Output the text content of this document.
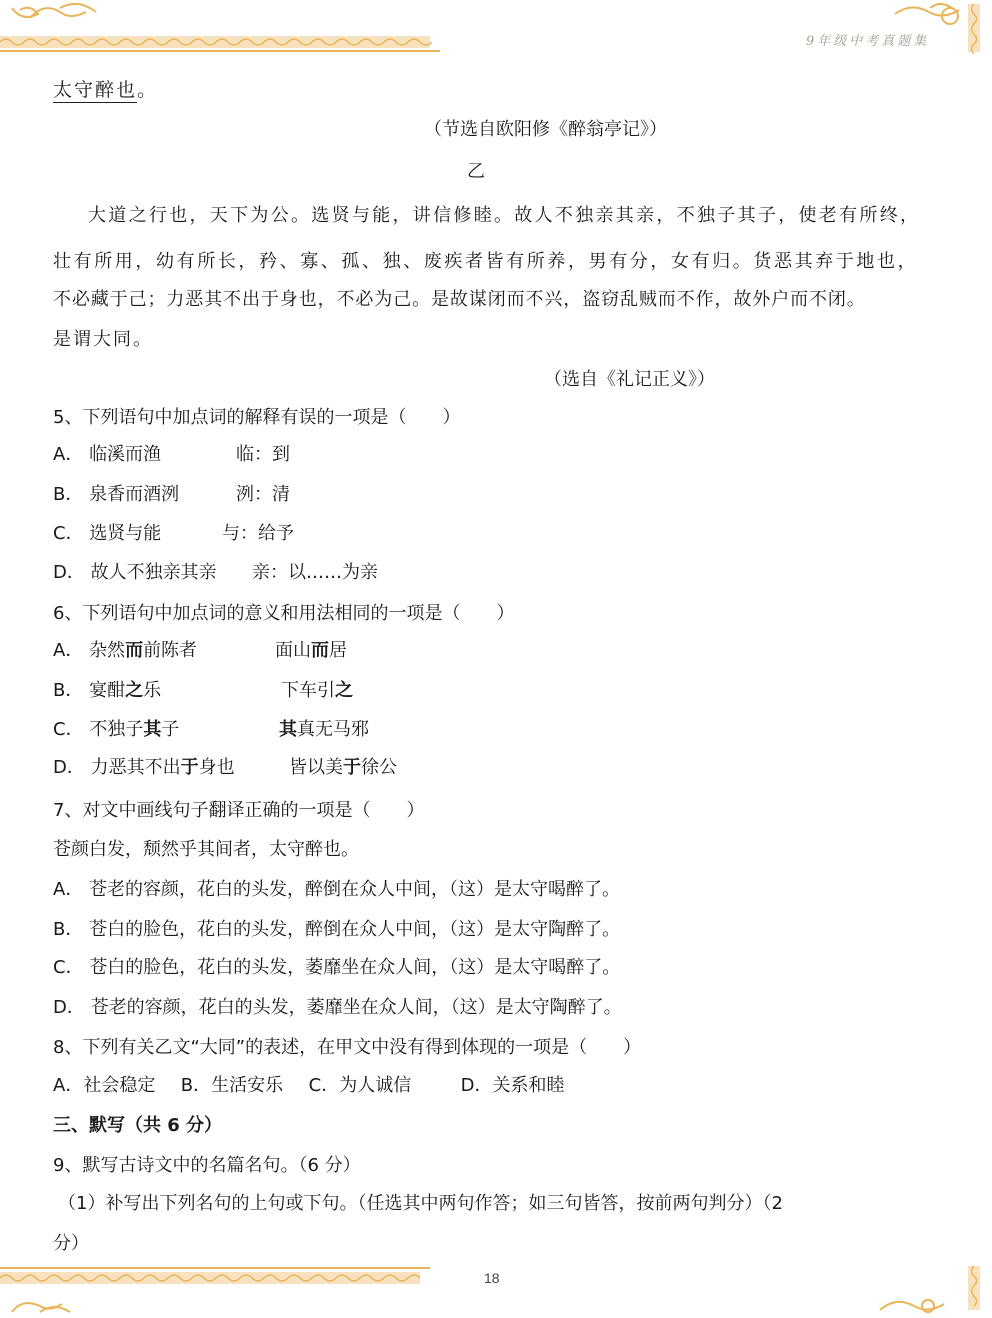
9年级中考真题集
太守醉也。
（节选自欧阳修《醉翁亭记》）
乙
大道之行也，天下为公。选贤与能，讲信修睦。故人不独亲其亲，不独子其子，使老有所终，
壮有所用，幼有所长，矜、寡、孤、独、废疾者皆有所养，男有分，女有归。货恶其弃于地也，
不必藏于己；力恶其不出于身也，不必为己。是故谋闭而不兴，盗窃乱贼而不作，故外户而不闭。
是谓大同。
（选自《礼记正义》）
5、下列语句中加点词的解释有误的一项是（　　）
A． 临溪而渔	临：到
B． 泉香而酒洌	洌：清
C． 选贤与能	与：给予
D． 故人不独亲其亲 亲：以……为亲
6、下列语句中加点词的意义和用法相同的一项是（　　）
A． 杂然而前陈者	面山而居
B． 宴酣之乐	下车引之
C． 不独子其子	其真无马邪
D． 力恶其不出于身也	皆以美于徐公
7、对文中画线句子翻译正确的一项是（　　）
苍颜白发，颓然乎其间者，太守醉也。
A． 苍老的容颜，花白的头发，醉倒在众人中间，（这）是太守喝醉了。
B． 苍白的脸色，花白的头发，醉倒在众人中间，（这）是太守陶醉了。
C． 苍白的脸色，花白的头发，萎靡坐在众人间，（这）是太守喝醉了。
D． 苍老的容颜，花白的头发，萎靡坐在众人间，（这）是太守陶醉了。
8、下列有关乙文“大同”的表述，在甲文中没有得到体现的一项是（　　）
A．社会稳定 B．生活安乐 C．为人诚信	D．关系和睦
三、默写（共 6 分）
9、默写古诗文中的名篇名句。（6 分）
（1）补写出下列名句的上句或下句。（任选其中两句作答；如三句皆答，按前两句判分）（2
分）
18
